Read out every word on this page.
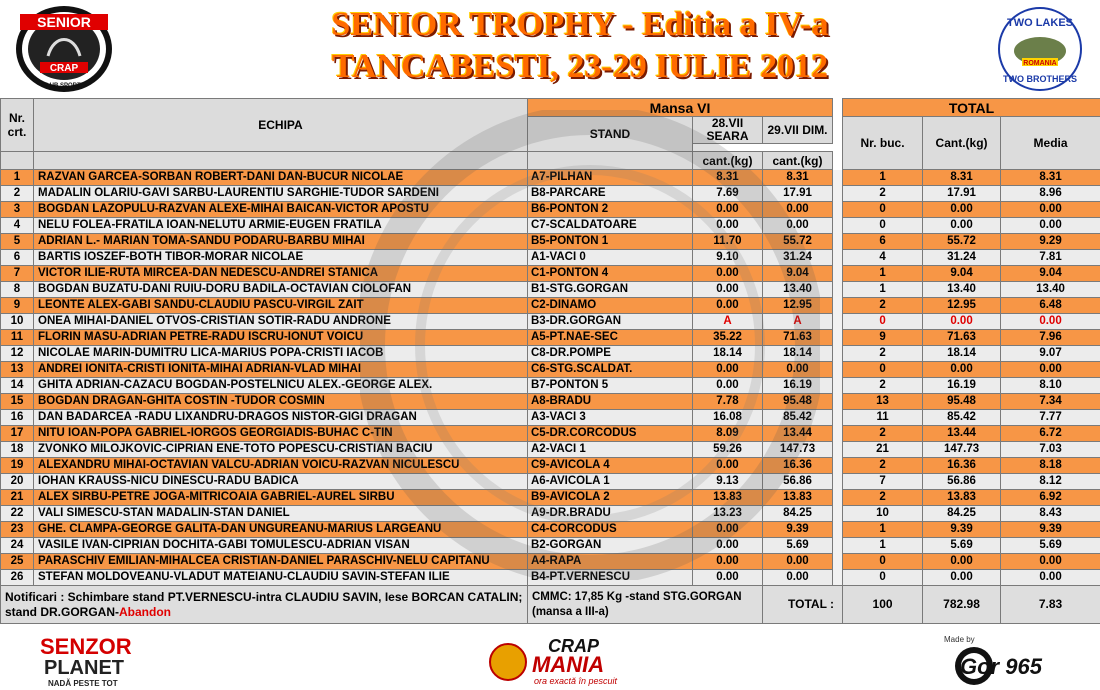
SENIOR
CRAP
CLUB SPORTIV
SENIOR TROPHY - Editia a IV-a
TANCABESTI, 23-29 IULIE 2012
TWO LAKES
ROMANIA
TWO BROTHERS
Nr. crt.	ECHIPA	Mansa VI				TOTAL		
		STAND	28.VII SEARA	29.VII DIM.		Nr. buc.	Cant.(kg)	Media

			cant.(kg)	cant.(kg)				
1	RAZVAN GARCEA-SORBAN ROBERT-DANI DAN-BUCUR NICOLAE	A7-PILHAN	8.31	8.31		1	8.31	8.31
2	MADALIN OLARIU-GAVI SARBU-LAURENTIU SARGHIE-TUDOR SARDENI	B8-PARCARE	7.69	17.91		2	17.91	8.96
3	BOGDAN LAZOPULU-RAZVAN ALEXE-MIHAI BAICAN-VICTOR APOSTU	B6-PONTON 2	0.00	0.00		0	0.00	0.00
4	NELU FOLEA-FRATILA IOAN-NELUTU ARMIE-EUGEN FRATILA	C7-SCALDATOARE	0.00	0.00		0	0.00	0.00
5	ADRIAN L.- MARIAN TOMA-SANDU PODARU-BARBU MIHAI	B5-PONTON 1	11.70	55.72		6	55.72	9.29
6	BARTIS IOSZEF-BOTH TIBOR-MORAR NICOLAE	A1-VACI 0	9.10	31.24		4	31.24	7.81
7	VICTOR ILIE-RUTA MIRCEA-DAN NEDESCU-ANDREI STANICA	C1-PONTON 4	0.00	9.04		1	9.04	9.04
8	BOGDAN BUZATU-DANI RUIU-DORU BADILA-OCTAVIAN CIOLOFAN	B1-STG.GORGAN	0.00	13.40		1	13.40	13.40
9	LEONTE ALEX-GABI SANDU-CLAUDIU PASCU-VIRGIL ZAIT	C2-DINAMO	0.00	12.95		2	12.95	6.48
10	ONEA MIHAI-DANIEL OTVOS-CRISTIAN SOTIR-RADU ANDRONE	B3-DR.GORGAN	A	A		0	0.00	0.00
11	FLORIN MASU-ADRIAN PETRE-RADU ISCRU-IONUT VOICU	A5-PT.NAE-SEC	35.22	71.63		9	71.63	7.96
12	NICOLAE MARIN-DUMITRU LICA-MARIUS POPA-CRISTI IACOB	C8-DR.POMPE	18.14	18.14		2	18.14	9.07
13	ANDREI IONITA-CRISTI IONITA-MIHAI ADRIAN-VLAD MIHAI	C6-STG.SCALDAT.	0.00	0.00		0	0.00	0.00
14	GHITA ADRIAN-CAZACU BOGDAN-POSTELNICU ALEX.-GEORGE ALEX.	B7-PONTON 5	0.00	16.19		2	16.19	8.10
15	BOGDAN DRAGAN-GHITA COSTIN -TUDOR COSMIN	A8-BRADU	7.78	95.48		13	95.48	7.34
16	DAN BADARCEA -RADU LIXANDRU-DRAGOS NISTOR-GIGI DRAGAN	A3-VACI 3	16.08	85.42		11	85.42	7.77
17	NITU IOAN-POPA GABRIEL-IORGOS GEORGIADIS-BUHAC C-TIN	C5-DR.CORCODUS	8.09	13.44		2	13.44	6.72
18	ZVONKO MILOJKOVIC-CIPRIAN ENE-TOTO POPESCU-CRISTIAN BACIU	A2-VACI 1	59.26	147.73		21	147.73	7.03
19	ALEXANDRU MIHAI-OCTAVIAN VALCU-ADRIAN VOICU-RAZVAN NICULESCU	C9-AVICOLA 4	0.00	16.36		2	16.36	8.18
20	IOHAN KRAUSS-NICU DINESCU-RADU BADICA	A6-AVICOLA 1	9.13	56.86		7	56.86	8.12
21	ALEX SIRBU-PETRE JOGA-MITRICOAIA GABRIEL-AUREL SIRBU	B9-AVICOLA 2	13.83	13.83		2	13.83	6.92
22	VALI SIMESCU-STAN MADALIN-STAN DANIEL	A9-DR.BRADU	13.23	84.25		10	84.25	8.43
23	GHE. CLAMPA-GEORGE GALITA-DAN UNGUREANU-MARIUS LARGEANU	C4-CORCODUS	0.00	9.39		1	9.39	9.39
24	VASILE IVAN-CIPRIAN DOCHITA-GABI TOMULESCU-ADRIAN VISAN	B2-GORGAN	0.00	5.69		1	5.69	5.69
25	PARASCHIV EMILIAN-MIHALCEA CRISTIAN-DANIEL PARASCHIV-NELU CAPITANU	A4-RAPA	0.00	0.00		0	0.00	0.00
26	STEFAN MOLDOVEANU-VLADUT MATEIANU-CLAUDIU SAVIN-STEFAN ILIE	B4-PT.VERNESCU	0.00	0.00		0	0.00	0.00
Notificari : Schimbare stand PT.VERNESCU-intra CLAUDIU SAVIN, Iese BORCAN CATALIN; stand DR.GORGAN-Abandon		CMMC: 17,85 Kg -stand STG.GORGAN (mansa a III-a)		TOTAL :		100	782.98	7.83
SENZOR
PLANET
NADĂ PESTE TOT
CRAP
MANIA
ora exactă în pescuit
Made by
Gor 965
